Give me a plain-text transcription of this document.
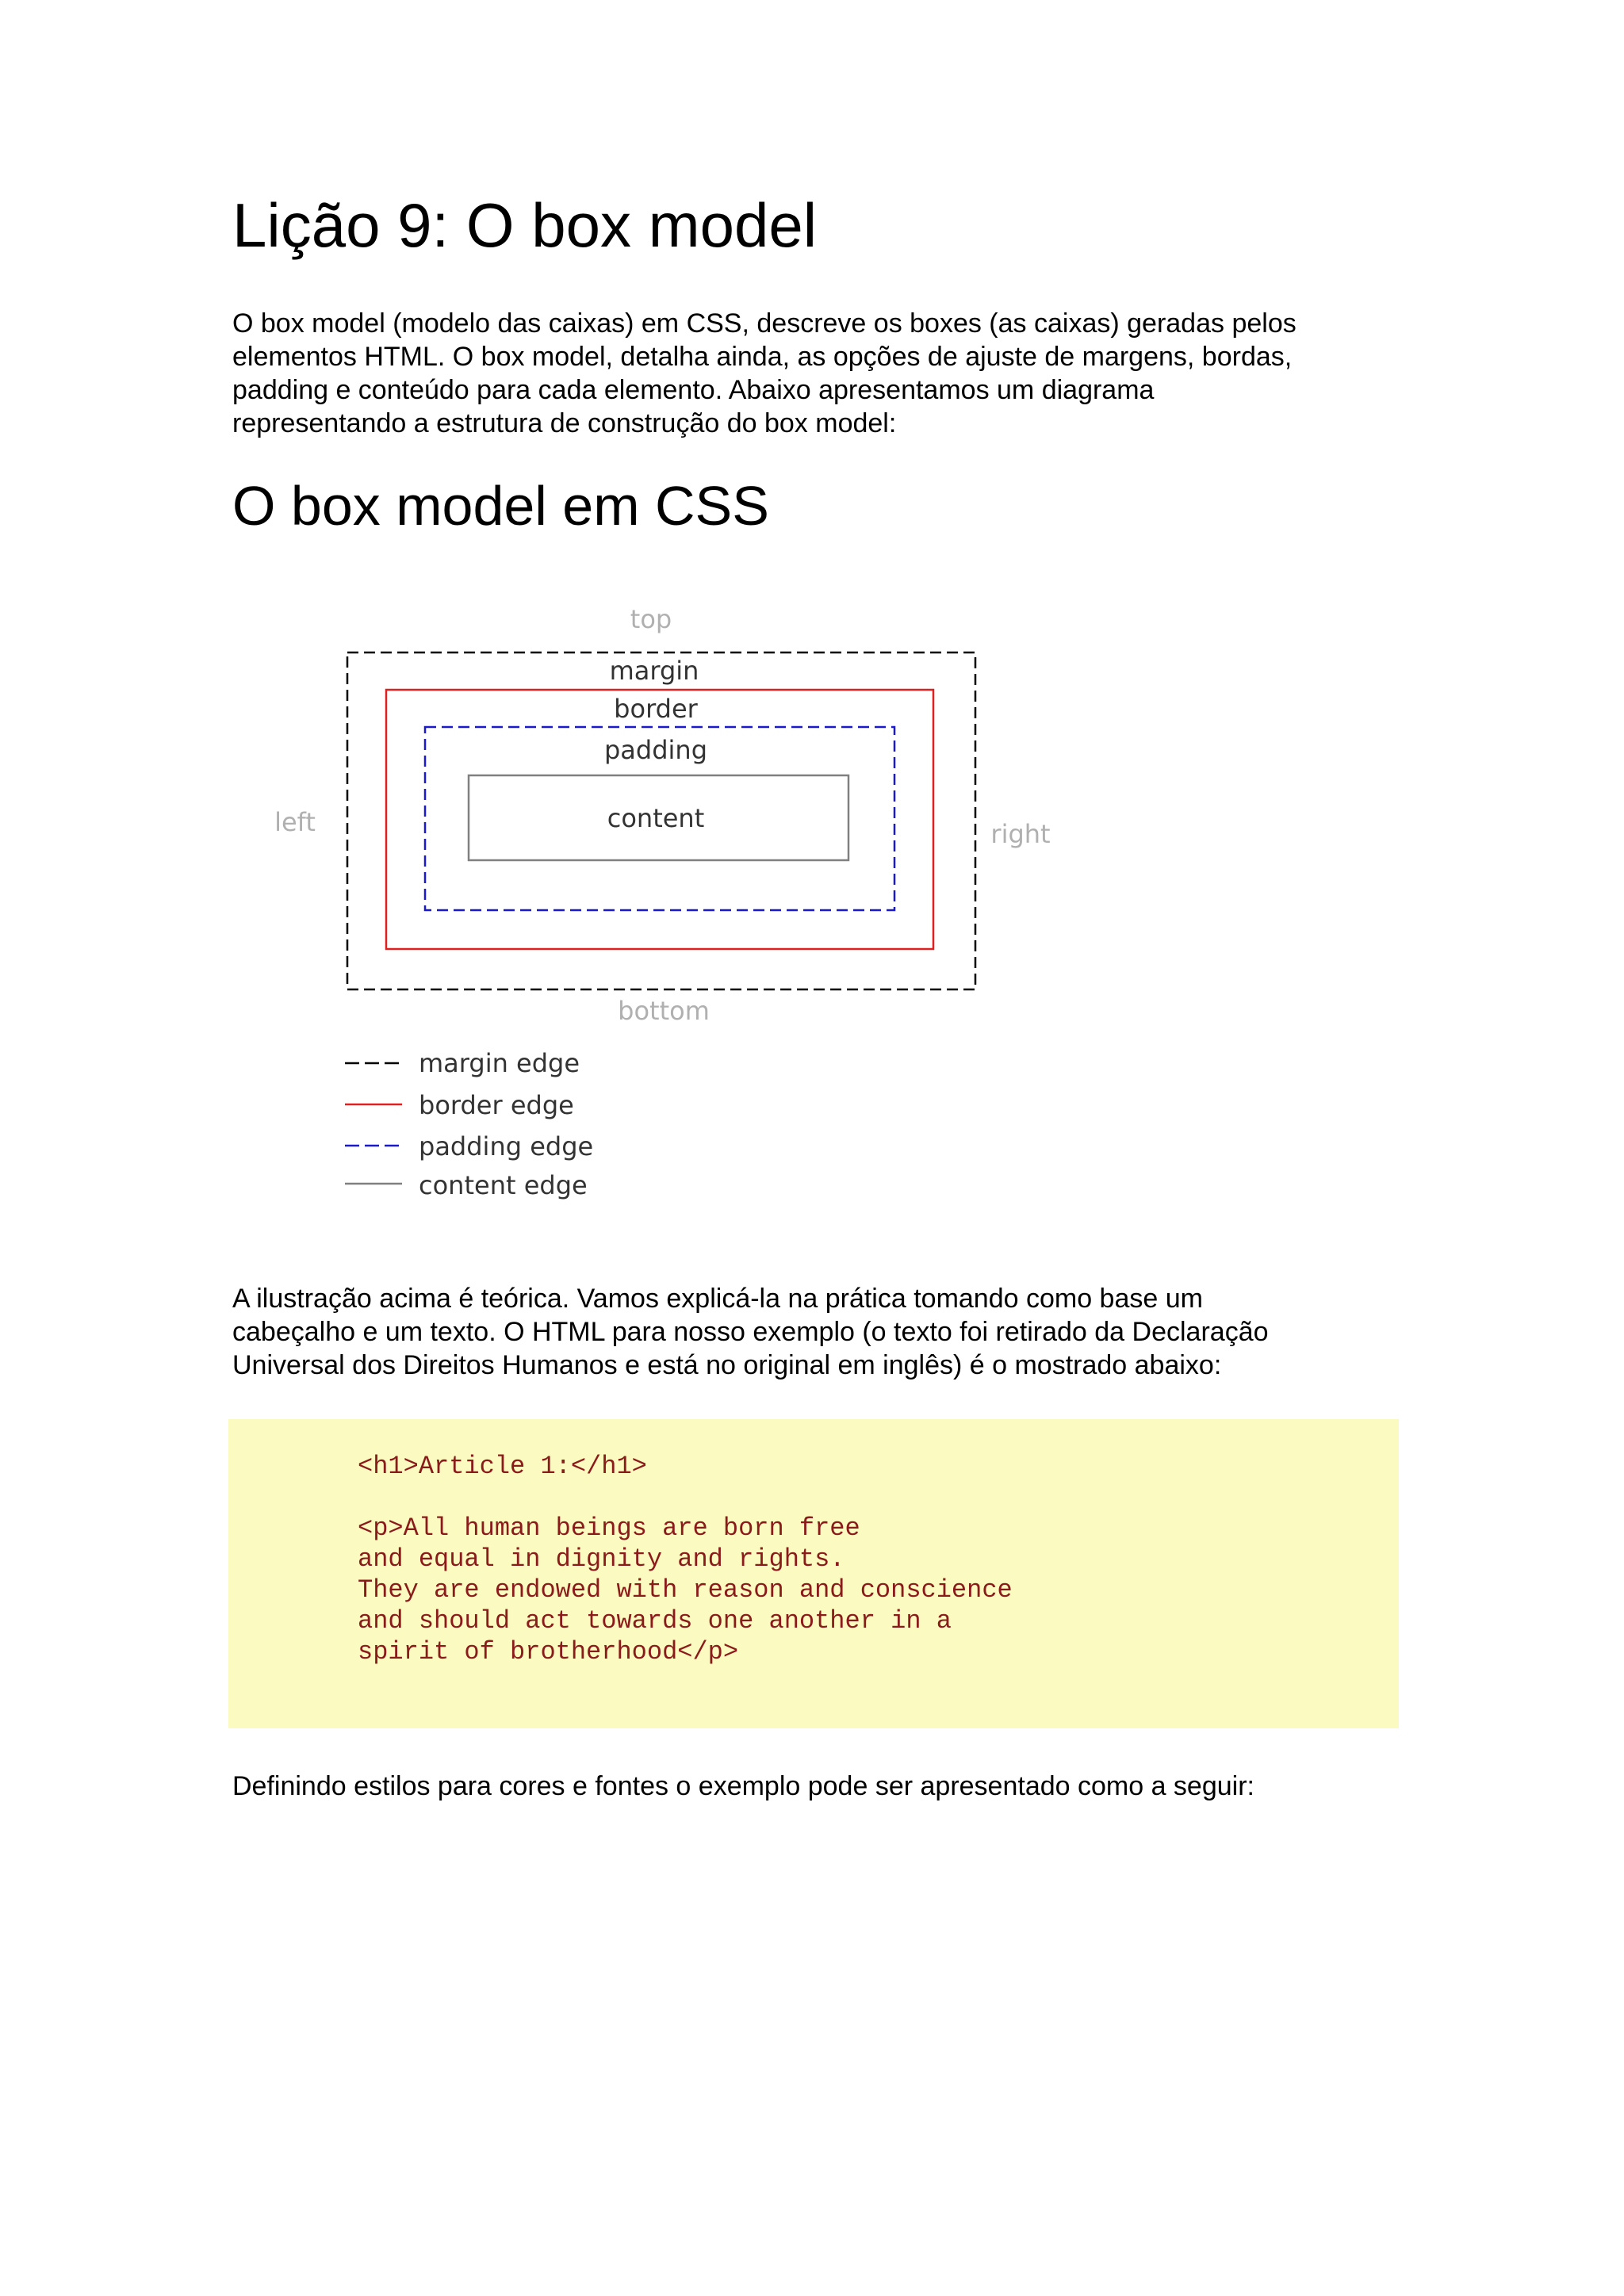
Lição 9: O box model

O box model (modelo das caixas) em CSS, descreve os boxes (as caixas) geradas pelos
elementos HTML. O box model, detalha ainda, as opções de ajuste de margens, bordas,
padding e conteúdo para cada elemento. Abaixo apresentamos um diagrama
representando a estrutura de construção do box model:

O box model em CSS
top
left	right
bottom
margin
border
padding
content
margin edge
border edge
padding edge
content edge

A ilustração acima é teórica. Vamos explicá-la na prática tomando como base um
cabeçalho e um texto. O HTML para nosso exemplo (o texto foi retirado da Declaração
Universal dos Direitos Humanos e está no original em inglês) é o mostrado abaixo:

<h1>Article 1:</h1>
<p>All human beings are born free
and equal in dignity and rights.
They are endowed with reason and conscience
and should act towards one another in a
spirit of brotherhood</p>

Definindo estilos para cores e fontes o exemplo pode ser apresentado como a seguir:
